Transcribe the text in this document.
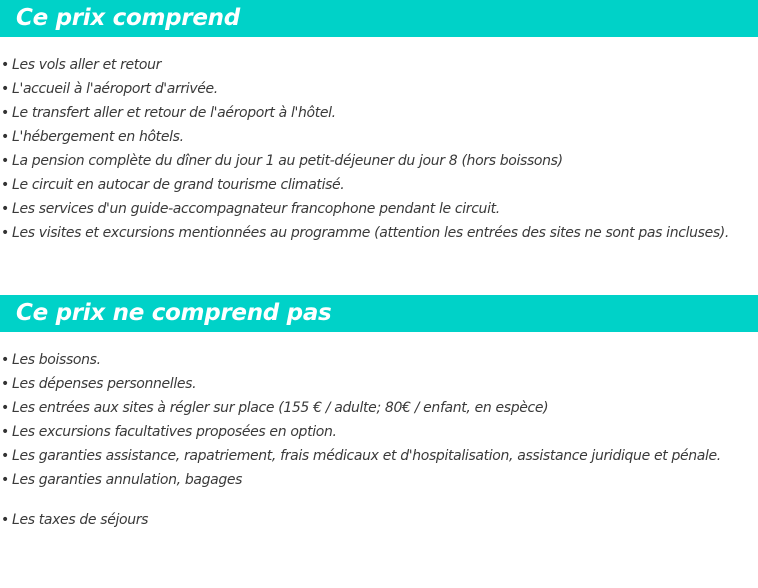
Ce prix comprend
• Les vols aller et retour
• L'accueil à l'aéroport d'arrivée.
• Le transfert aller et retour de l'aéroport à l'hôtel.
• L'hébergement en hôtels.
• La pension complète du dîner du jour 1 au petit-déjeuner du jour 8 (hors boissons)
• Le circuit en autocar de grand tourisme climatisé.
• Les services d'un guide-accompagnateur francophone pendant le circuit.
• Les visites et excursions mentionnées au programme (attention les entrées des sites ne sont pas incluses).
Ce prix ne comprend pas
• Les boissons.
• Les dépenses personnelles.
• Les entrées aux sites à régler sur place (155 € / adulte; 80€ / enfant, en espèce)
• Les excursions facultatives proposées en option.
• Les garanties assistance, rapatriement, frais médicaux et d'hospitalisation, assistance juridique et pénale.
• Les garanties annulation, bagages
• Les taxes de séjours
